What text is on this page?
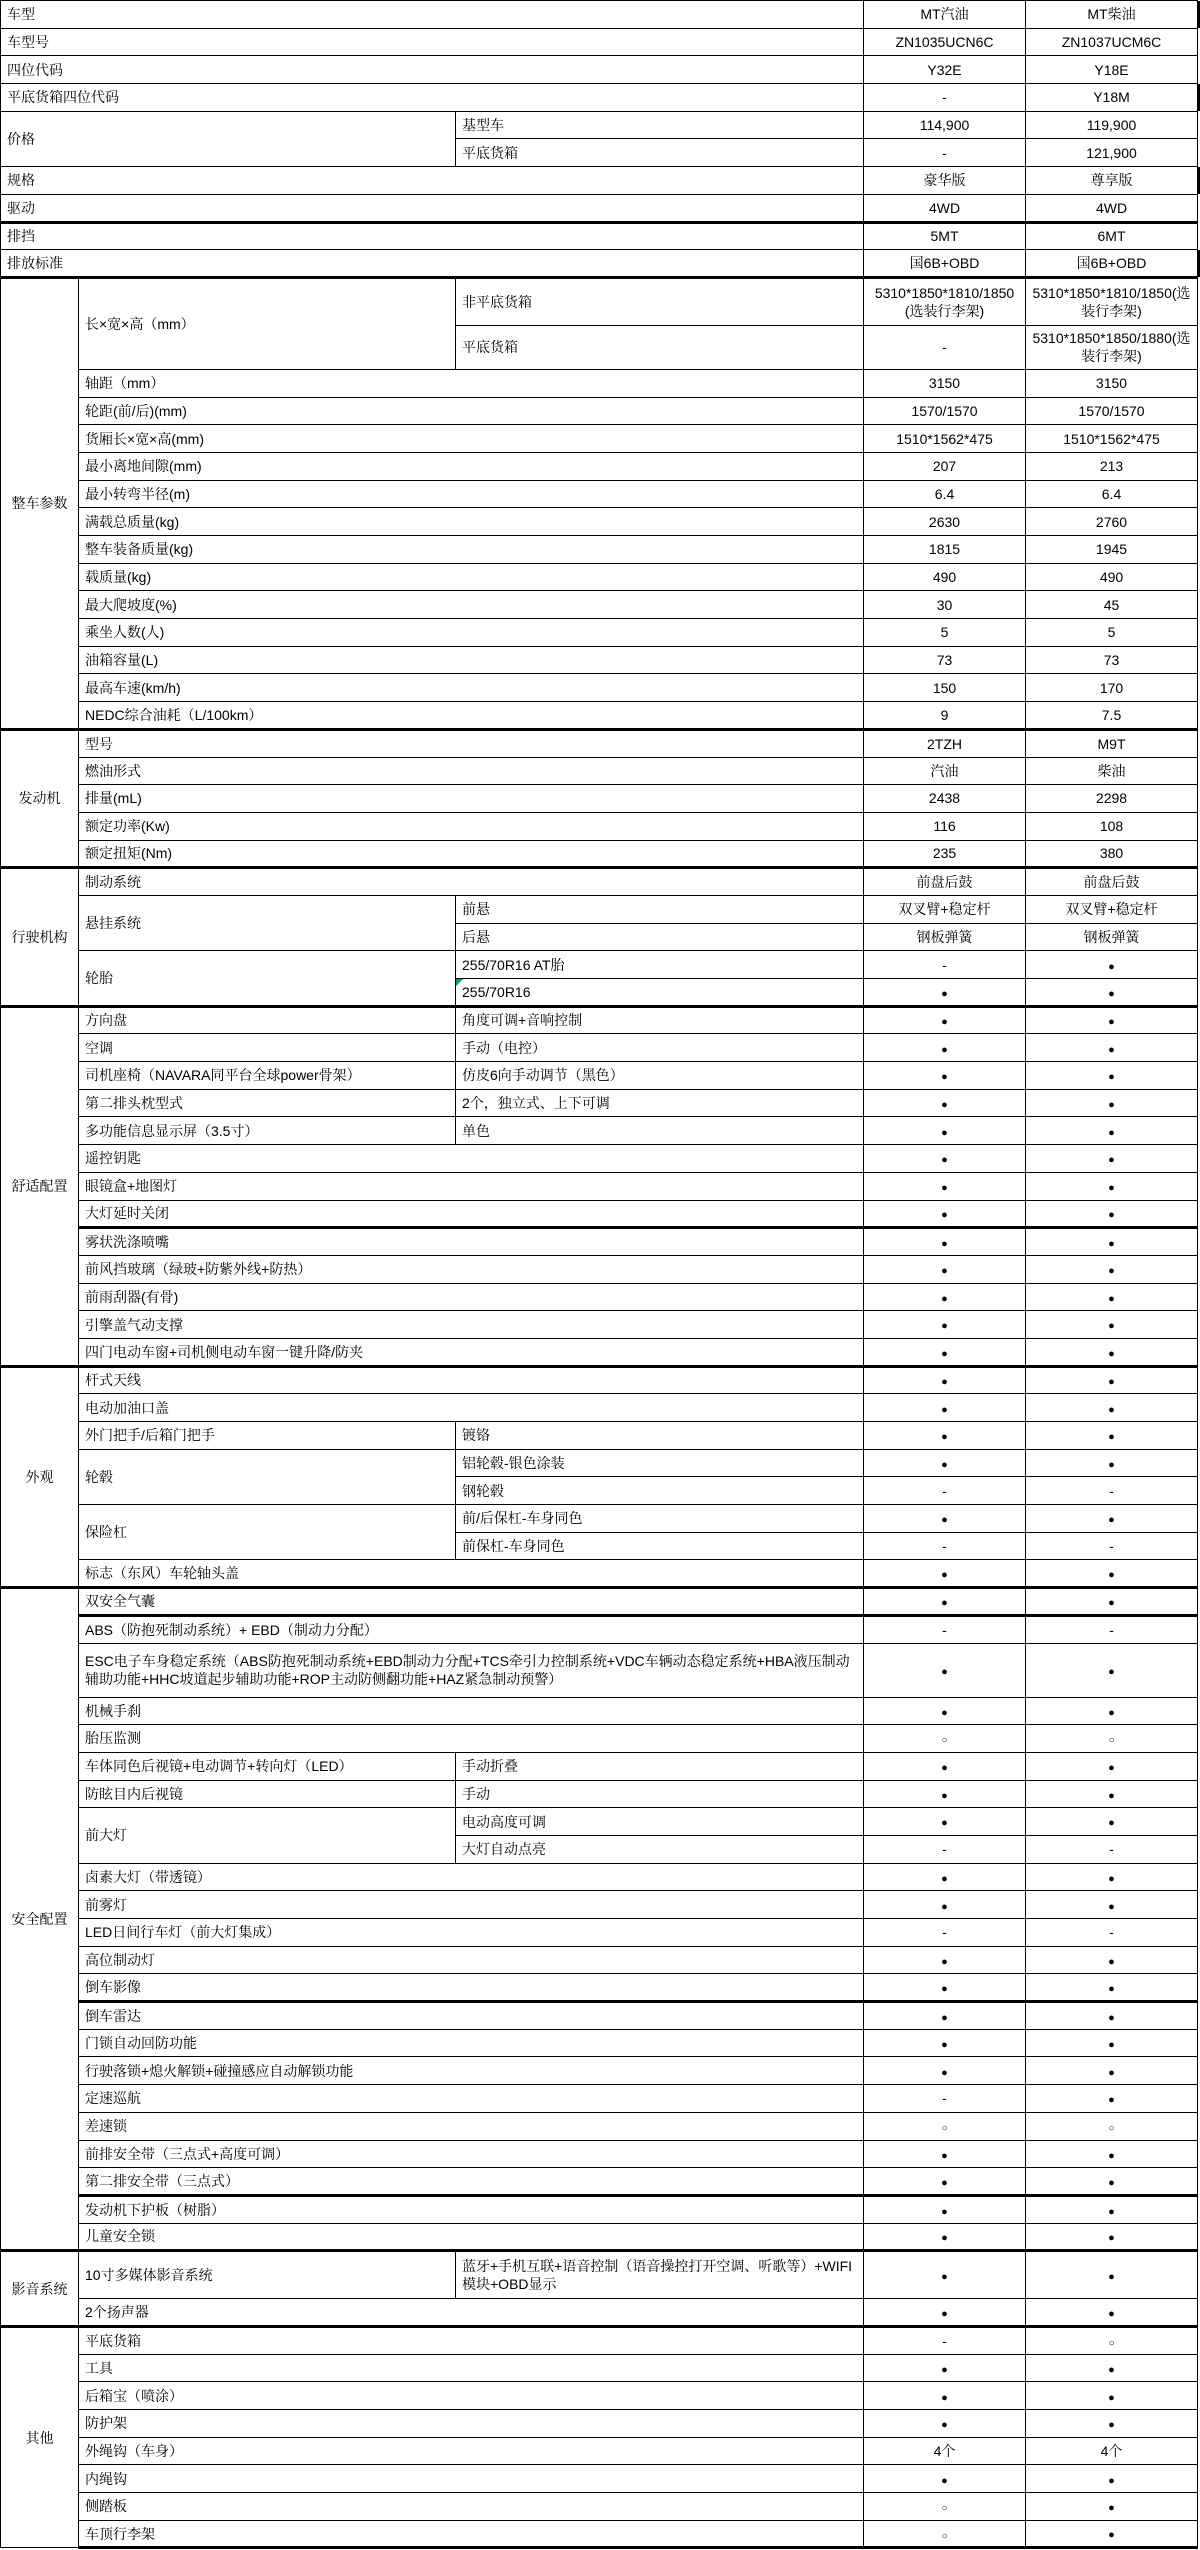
车型			MT汽油	MT柴油	
车型号			ZN1035UCN6C	ZN1037UCM6C	
四位代码			Y32E	Y18E	
平底货箱四位代码			-	Y18M	
价格		基型车	114,900	119,900	
		平底货箱	-	121,900	
规格			豪华版	尊享版	
驱动			4WD	4WD	
排挡			5MT	6MT	
排放标准			国6B+OBD	国6B+OBD	
整车参数	长×宽×高（mm）	非平底货箱	5310*1850*1810/1850(选装行李架)	5310*1850*1810/1850(选装行李架)	
		平底货箱	-	5310*1850*1850/1880(选装行李架)	
	轴距（mm）		3150	3150	
	轮距(前/后)(mm)		1570/1570	1570/1570	
	货厢长×宽×高(mm)		1510*1562*475	1510*1562*475	
	最小离地间隙(mm)		207	213	
	最小转弯半径(m)		6.4	6.4	
	满载总质量(kg)		2630	2760	
	整车装备质量(kg)		1815	1945	
	载质量(kg)		490	490	
	最大爬坡度(%)		30	45	
	乘坐人数(人)		5	5	
	油箱容量(L)		73	73	
	最高车速(km/h)		150	170	
	NEDC综合油耗（L/100km）		9	7.5	
发动机	型号		2TZH	M9T	
	燃油形式		汽油	柴油	
	排量(mL)		2438	2298	
	额定功率(Kw)		116	108	
	额定扭矩(Nm)		235	380	
行驶机构	制动系统		前盘后鼓	前盘后鼓	
	悬挂系统	前悬	双叉臂+稳定杆	双叉臂+稳定杆	
		后悬	钢板弹簧	钢板弹簧	
	轮胎	255/70R16 AT胎	-	●	
		255/70R16	●	●	
舒适配置	方向盘	角度可调+音响控制	●	●	
	空调	手动（电控）	●	●	
	司机座椅（NAVARA同平台全球power骨架）	仿皮6向手动调节（黑色）	●	●	
	第二排头枕型式	2个，独立式、上下可调	●	●	
	多功能信息显示屏（3.5寸）	单色	●	●	
	遥控钥匙		●	●	
	眼镜盒+地图灯		●	●	
	大灯延时关闭		●	●	
	雾状洗涤喷嘴		●	●	
	前风挡玻璃（绿玻+防紫外线+防热）		●	●	
	前雨刮器(有骨)		●	●	
	引擎盖气动支撑		●	●	
	四门电动车窗+司机侧电动车窗一键升降/防夹		●	●	
外观	杆式天线		●	●	
	电动加油口盖		●	●	
	外门把手/后箱门把手	镀铬	●	●	
	轮毂	铝轮毂-银色涂装	●	●	
		钢轮毂	-	-	
	保险杠	前/后保杠-车身同色	●	●	
		前保杠-车身同色	-	-	
	标志（东风）车轮轴头盖		●	●	
安全配置	双安全气囊		●	●	
	ABS（防抱死制动系统）+ EBD（制动力分配）		-	-	
	ESC电子车身稳定系统（ABS防抱死制动系统+EBD制动力分配+TCS牵引力控制系统+VDC车辆动态稳定系统+HBA液压制动辅助功能+HHC坡道起步辅助功能+ROP主动防侧翻功能+HAZ紧急制动预警）		●	●	
	机械手刹		●	●	
	胎压监测		○	○	
	车体同色后视镜+电动调节+转向灯（LED）	手动折叠	●	●	
	防眩目内后视镜	手动	●	●	
	前大灯	电动高度可调	●	●	
		大灯自动点亮	-	-	
	卤素大灯（带透镜）		●	●	
	前雾灯		●	●	
	LED日间行车灯（前大灯集成）		-	-	
	高位制动灯		●	●	
	倒车影像		●	●	
	倒车雷达		●	●	
	门锁自动回防功能		●	●	
	行驶落锁+熄火解锁+碰撞感应自动解锁功能		●	●	
	定速巡航		-	●	
	差速锁		○	○	
	前排安全带（三点式+高度可调）		●	●	
	第二排安全带（三点式）		●	●	
	发动机下护板（树脂）		●	●	
	儿童安全锁		●	●	
影音系统	10寸多媒体影音系统	蓝牙+手机互联+语音控制（语音操控打开空调、听歌等）+WIFI模块+OBD显示	●	●	
	2个扬声器		●	●	
其他	平底货箱		-	○	
	工具		●	●	
	后箱宝（喷涂）		●	●	
	防护架		●	●	
	外绳钩（车身）		4个	4个	
	内绳钩		●	●	
	侧踏板		○	●	
	车顶行李架		○	●	
